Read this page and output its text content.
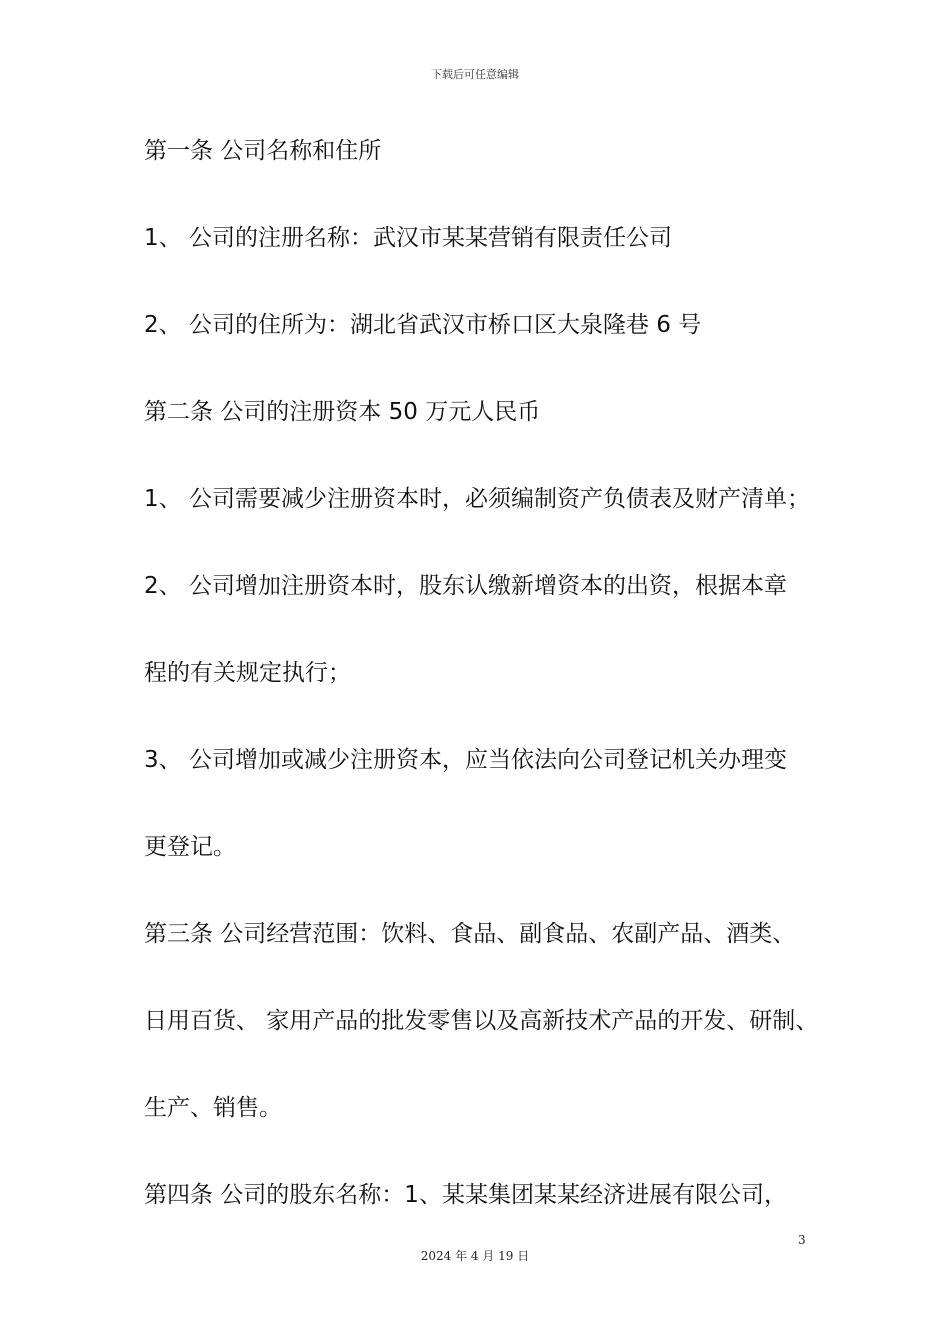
下载后可任意编辑
第一条 公司名称和住所
1、 公司的注册名称：武汉市某某营销有限责任公司
2、 公司的住所为：湖北省武汉市桥口区大泉隆巷 6 号
第二条 公司的注册资本 50 万元人民币
1、 公司需要减少注册资本时，必须编制资产负债表及财产清单；
2、 公司增加注册资本时，股东认缴新增资本的出资，根据本章
程的有关规定执行；
3、 公司增加或减少注册资本，应当依法向公司登记机关办理变
更登记。
第三条 公司经营范围：饮料、食品、副食品、农副产品、酒类、
日用百货、 家用产品的批发零售以及高新技术产品的开发、研制、
生产、销售。
第四条 公司的股东名称：1、某某集团某某经济进展有限公司，
3
2024 年 4 月 19 日
